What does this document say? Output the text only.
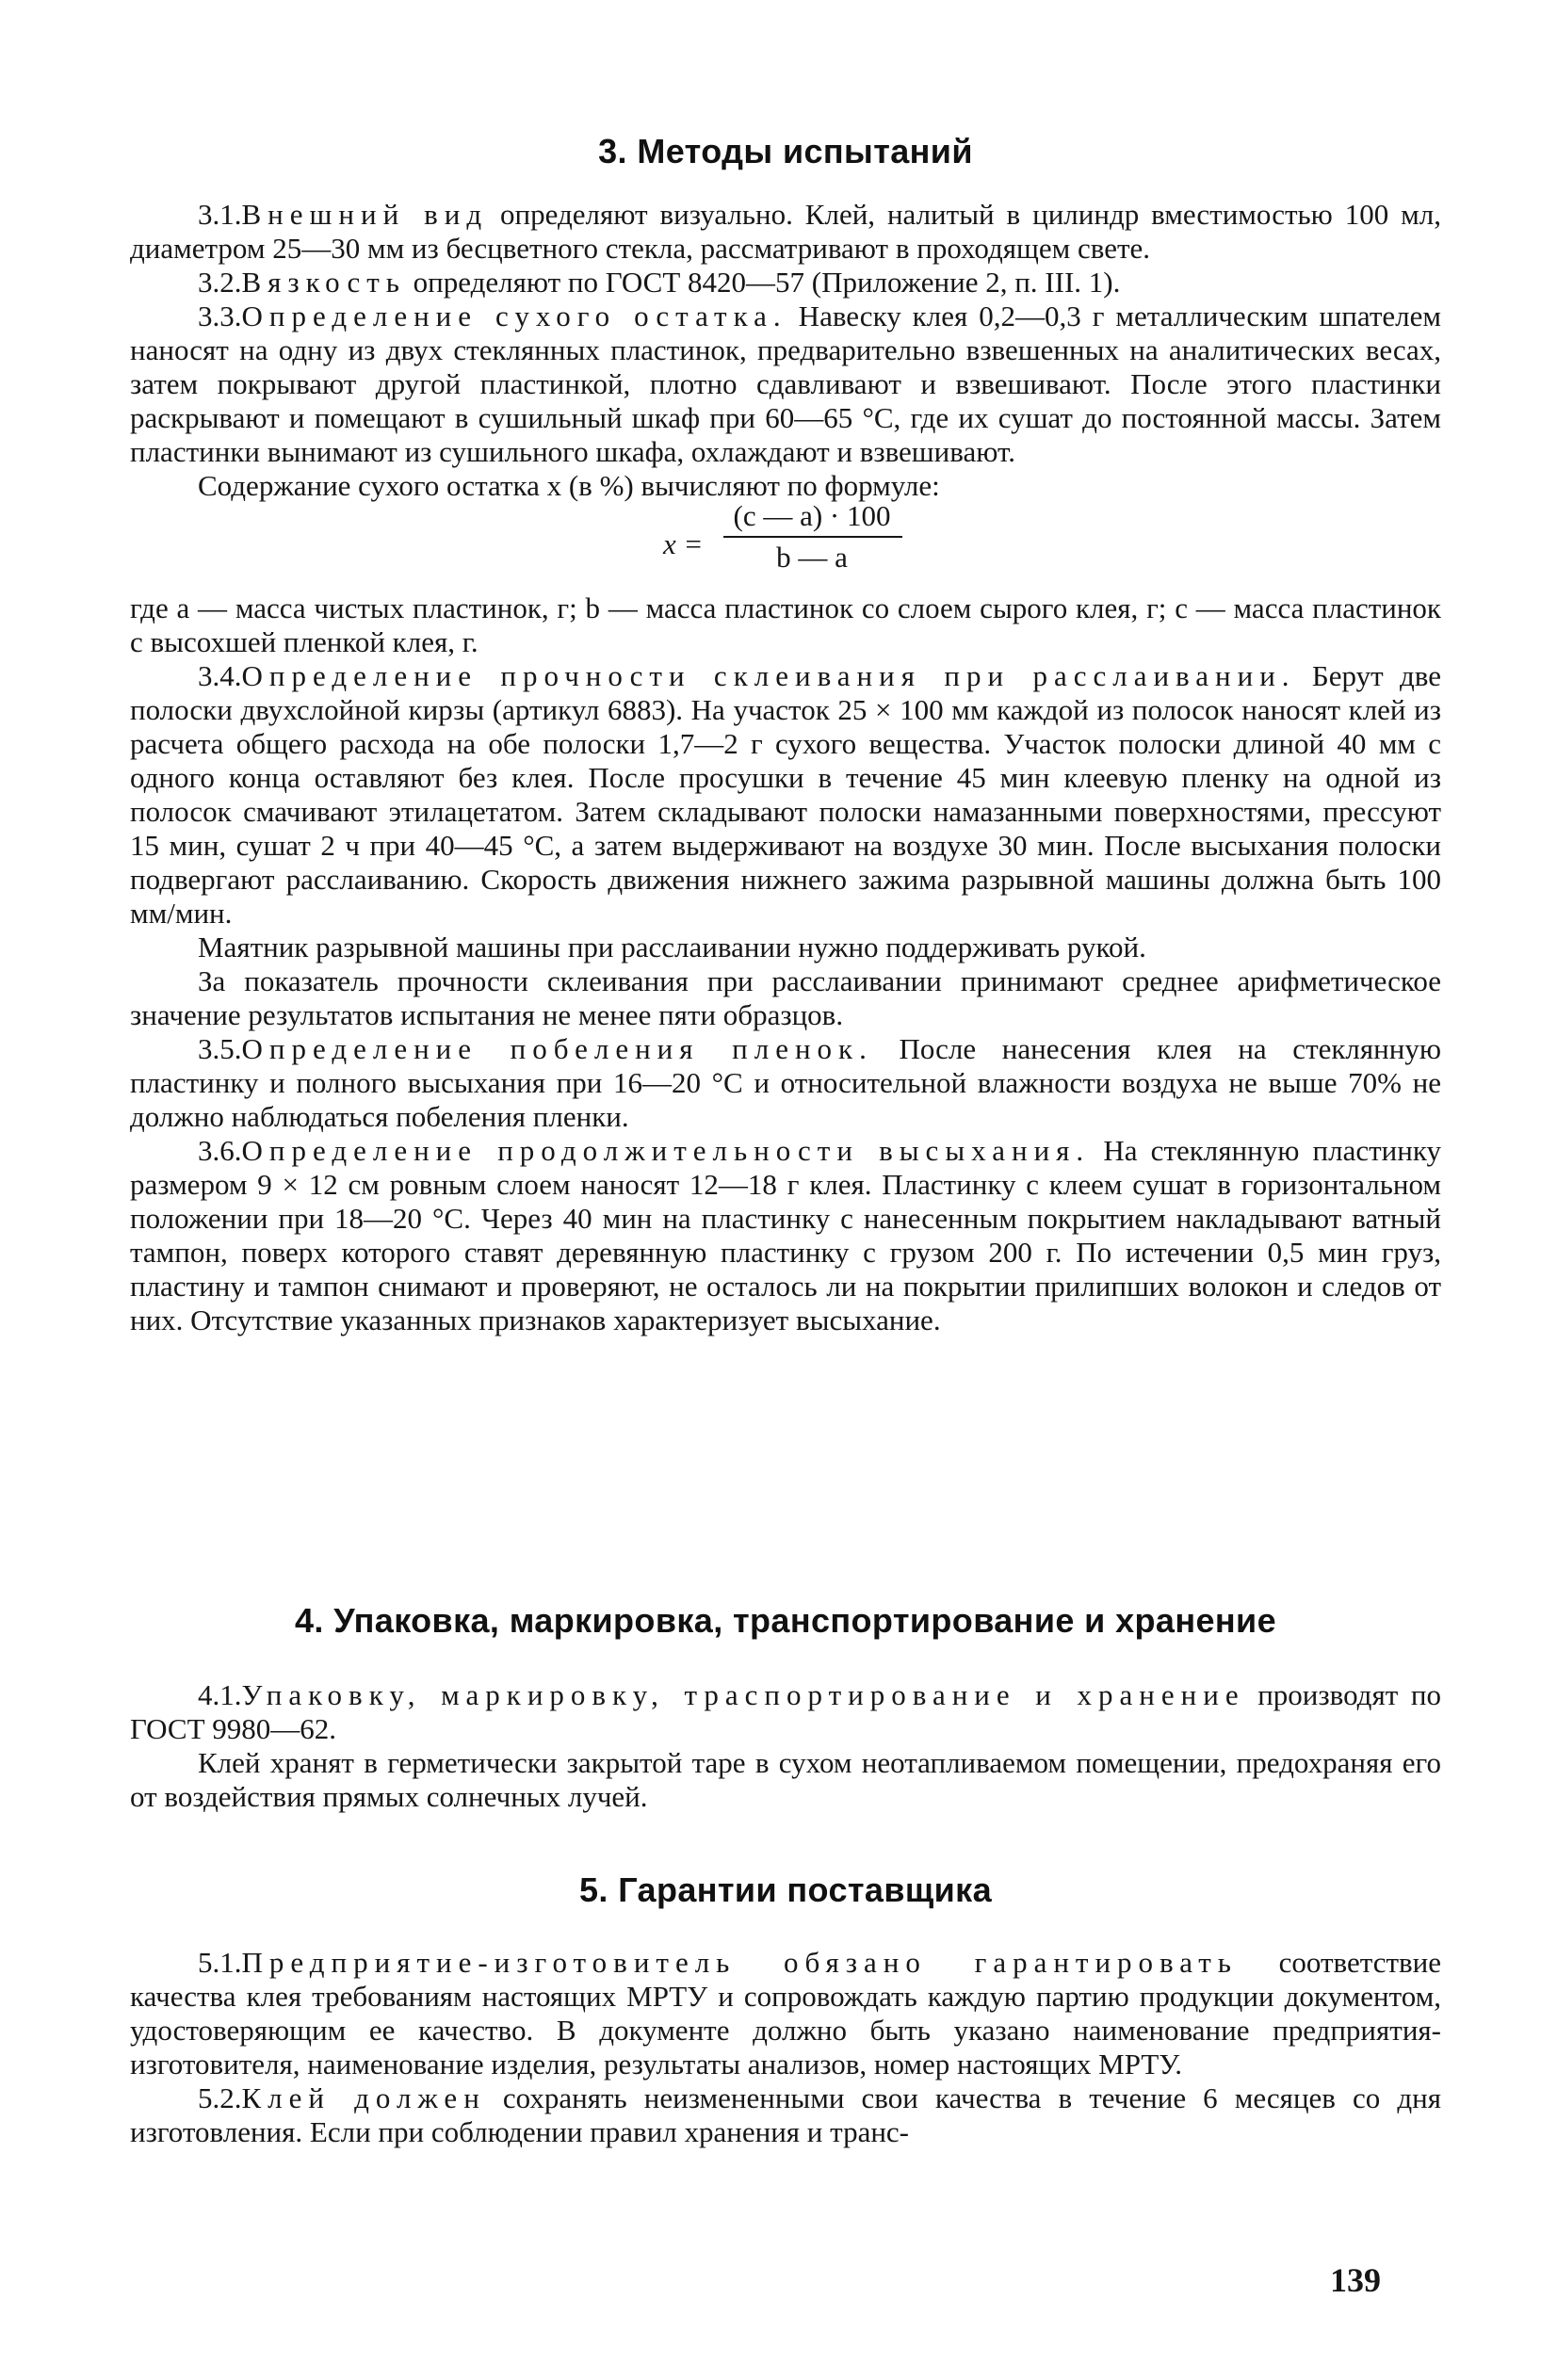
3. Методы испытаний

3.1.Внешний вид определяют визуально. Клей, налитый в цилиндр вместимостью 100 мл, диаметром 25—30 мм из бесцветного стекла, рассматривают в проходящем свете.

3.2.Вязкость определяют по ГОСТ 8420—57 (Приложение 2, п. III. 1).

3.3.Определение сухого остатка. Навеску клея 0,2—0,3 г металлическим шпателем наносят на одну из двух стеклянных пластинок, предварительно взвешенных на аналитических весах, затем покрывают другой пластинкой, плотно сдавливают и взвешивают. После этого пластинки раскрывают и помещают в сушильный шкаф при 60—65 °С, где их сушат до постоянной массы. Затем пластинки вынимают из сушильного шкафа, охлаждают и взвешивают.

Содержание сухого остатка x (в %) вычисляют по формуле:

x =
(c — a) · 100
b — a

где a — масса чистых пластинок, г; b — масса пластинок со слоем сырого клея, г; c — масса пластинок с высохшей пленкой клея, г.

3.4.Определение прочности склеивания при расслаивании. Берут две полоски двухслойной кирзы (артикул 6883). На участок 25 × 100 мм каждой из полосок наносят клей из расчета общего расхода на обе полоски 1,7—2 г сухого вещества. Участок полоски длиной 40 мм с одного конца оставляют без клея. После просушки в течение 45 мин клеевую пленку на одной из полосок смачивают этилацетатом. Затем складывают полоски намазанными поверхностями, прессуют 15 мин, сушат 2 ч при 40—45 °С, а затем выдерживают на воздухе 30 мин. После высыхания полоски подвергают расслаиванию. Скорость движения нижнего зажима разрывной машины должна быть 100 мм/мин.

Маятник разрывной машины при расслаивании нужно поддерживать рукой.

За показатель прочности склеивания при расслаивании принимают среднее арифметическое значение результатов испытания не менее пяти образцов.

3.5.Определение побеления пленок. После нанесения клея на стеклянную пластинку и полного высыхания при 16—20 °С и относительной влажности воздуха не выше 70% не должно наблюдаться побеления пленки.

3.6.Определение продолжительности высыхания. На стеклянную пластинку размером 9 × 12 см ровным слоем наносят 12—18 г клея. Пластинку с клеем сушат в горизонтальном положении при 18—20 °С. Через 40 мин на пластинку с нанесенным покрытием накладывают ватный тампон, поверх которого ставят деревянную пластинку с грузом 200 г. По истечении 0,5 мин груз, пластину и тампон снимают и проверяют, не осталось ли на покрытии прилипших волокон и следов от них. Отсутствие указанных признаков характеризует высыхание.

4. Упаковка, маркировка, транспортирование и хранение

4.1.Упаковку, маркировку, траспортирование и хранение производят по ГОСТ 9980—62.

Клей хранят в герметически закрытой таре в сухом неотапливаемом помещении, предохраняя его от воздействия прямых солнечных лучей.

5. Гарантии поставщика

5.1.Предприятие-изготовитель обязано гарантировать соответствие качества клея требованиям настоящих МРТУ и сопровождать каждую партию продукции документом, удостоверяющим ее качество. В документе должно быть указано наименование предприятия-изготовителя, наименование изделия, результаты анализов, номер настоящих МРТУ.

5.2.Клей должен сохранять неизмененными свои качества в течение 6 месяцев со дня изготовления. Если при соблюдении правил хранения и транс-

139
